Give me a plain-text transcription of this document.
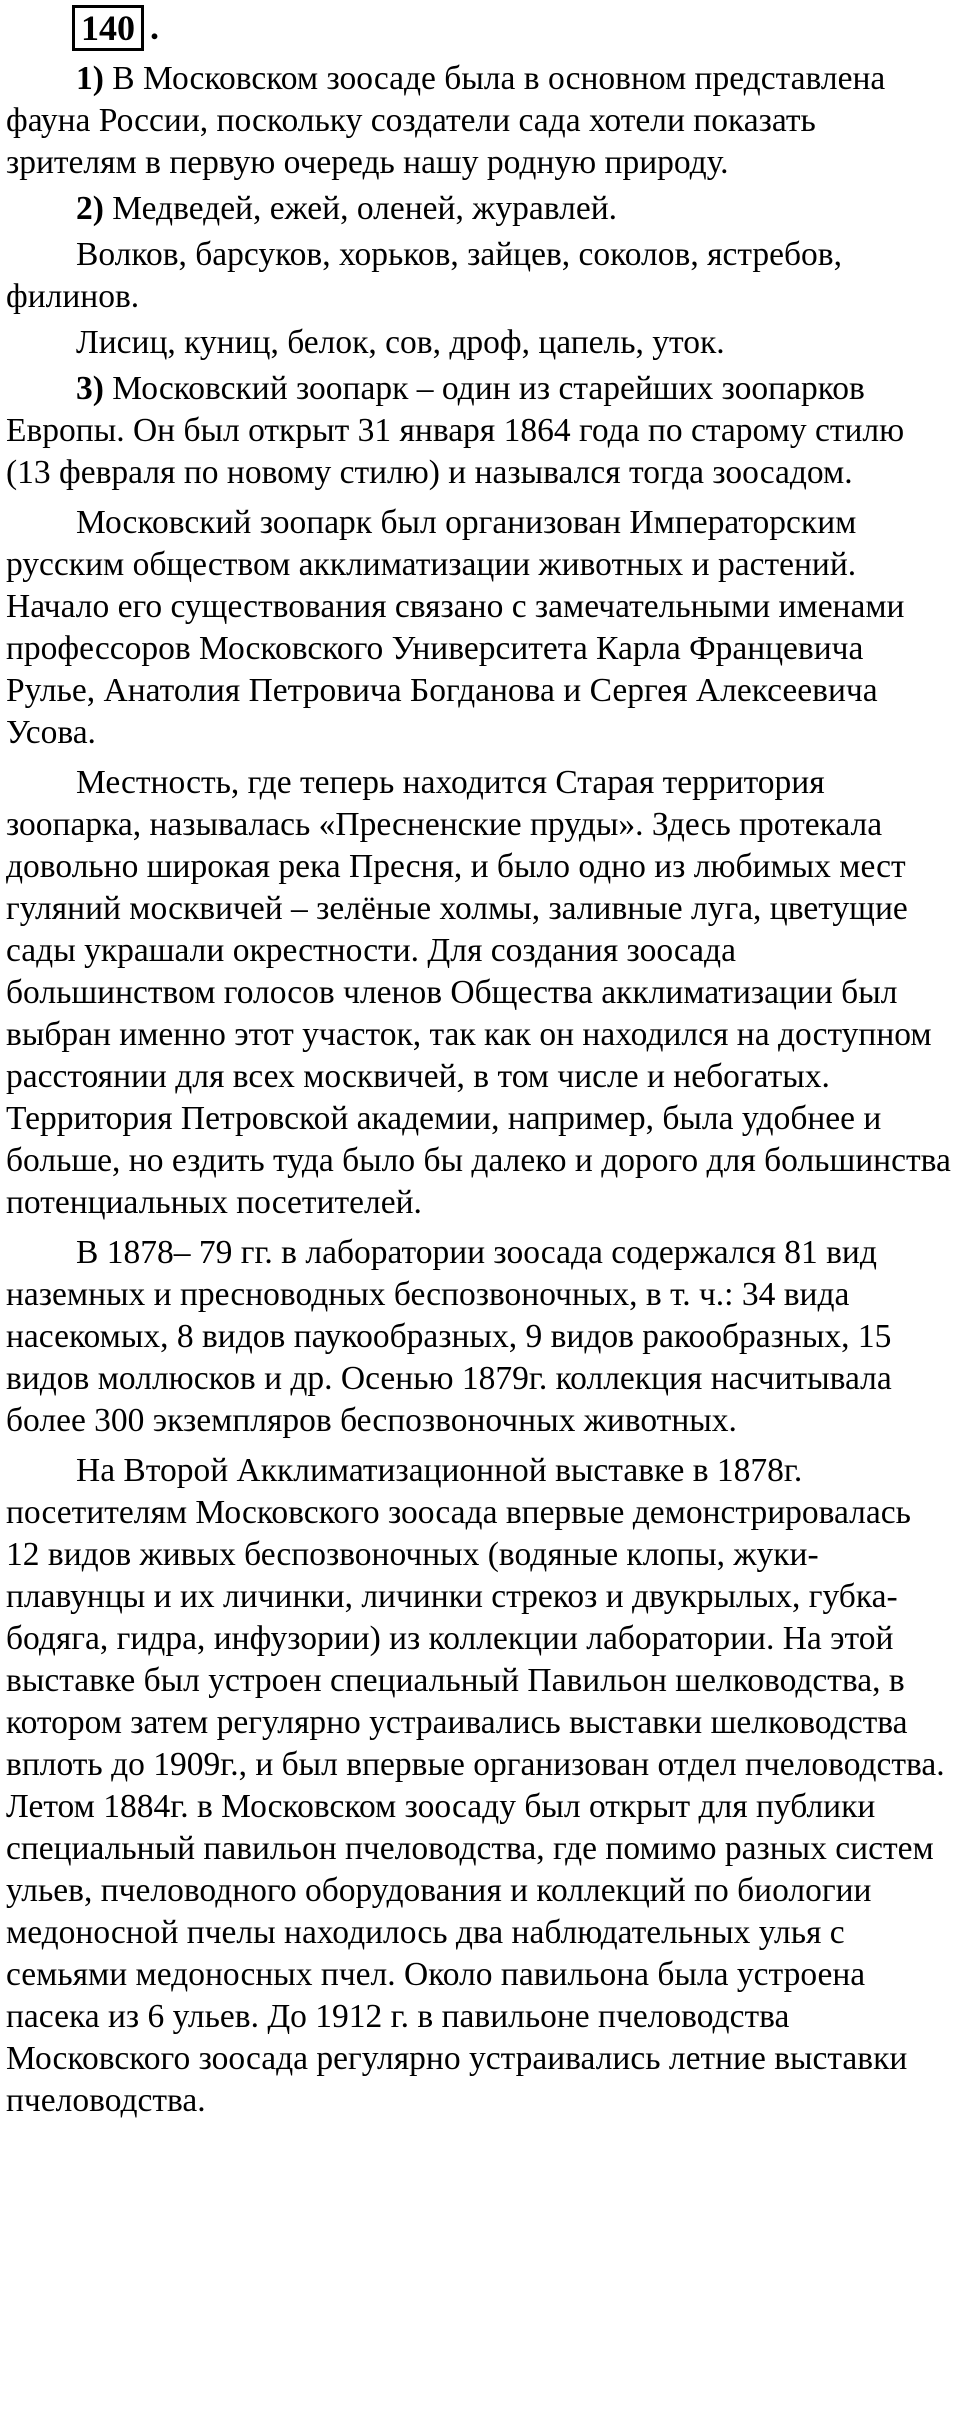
140 .

1) В Московском зоосаде была в основном представлена фауна России, поскольку создатели сада хотели показать зрителям в первую очередь нашу родную природу.

2) Медведей, ежей, оленей, журавлей.

Волков, барсуков, хорьков, зайцев, соколов, ястребов, филинов.

Лисиц, куниц, белок, сов, дроф, цапель, уток.

3) Московский зоопарк – один из старейших зоопарков Европы. Он был открыт 31 января 1864 года по старому стилю (13 февраля по новому стилю) и назывался тогда зоосадом.

Московский зоопарк был организован Императорским русским обществом акклиматизации животных и растений. Начало его существования связано с замечательными именами профессоров Московского Университета Карла Францевича Рулье, Анатолия Петровича Богданова и Сергея Алексеевича Усова.

Местность, где теперь находится Старая территория зоопарка, называлась «Пресненские пруды». Здесь протекала довольно широкая река Пресня, и было одно из любимых мест гуляний москвичей – зелёные холмы, заливные луга, цветущие сады украшали окрестности. Для создания зоосада большинством голосов членов Общества акклиматизации был выбран именно этот участок, так как он находился на доступном расстоянии для всех москвичей, в том числе и небогатых. Территория Петровской академии, например, была удобнее и больше, но ездить туда было бы далеко и дорого для большинства потенциальных посетителей.

В 1878– 79 гг. в лаборатории зоосада содержался 81 вид наземных и пресноводных беспозвоночных, в т. ч.: 34 вида насекомых, 8 видов паукообразных, 9 видов ракообразных, 15 видов моллюсков и др. Осенью 1879г. коллекция насчитывала более 300 экземпляров беспозвоночных животных.

На Второй Акклиматизационной выставке в 1878г. посетителям Московского зоосада впервые демонстрировалась 12 видов живых беспозвоночных (водяные клопы, жуки-плавунцы и их личинки, личинки стрекоз и двукрылых, губка-бодяга, гидра, инфузории) из коллекции лаборатории. На этой выставке был устроен специальный Павильон шелководства, в котором затем регулярно устраивались выставки шелководства вплоть до 1909г., и был впервые организован отдел пчеловодства. Летом 1884г. в Московском зоосаду был открыт для публики специальный павильон пчеловодства, где помимо разных систем ульев, пчеловодного оборудования и коллекций по биологии медоносной пчелы находилось два наблюдательных улья с семьями медоносных пчел. Около павильона была устроена пасека из 6 ульев. До 1912 г. в павильоне пчеловодства Московского зоосада регулярно устраивались летние выставки пчеловодства.
